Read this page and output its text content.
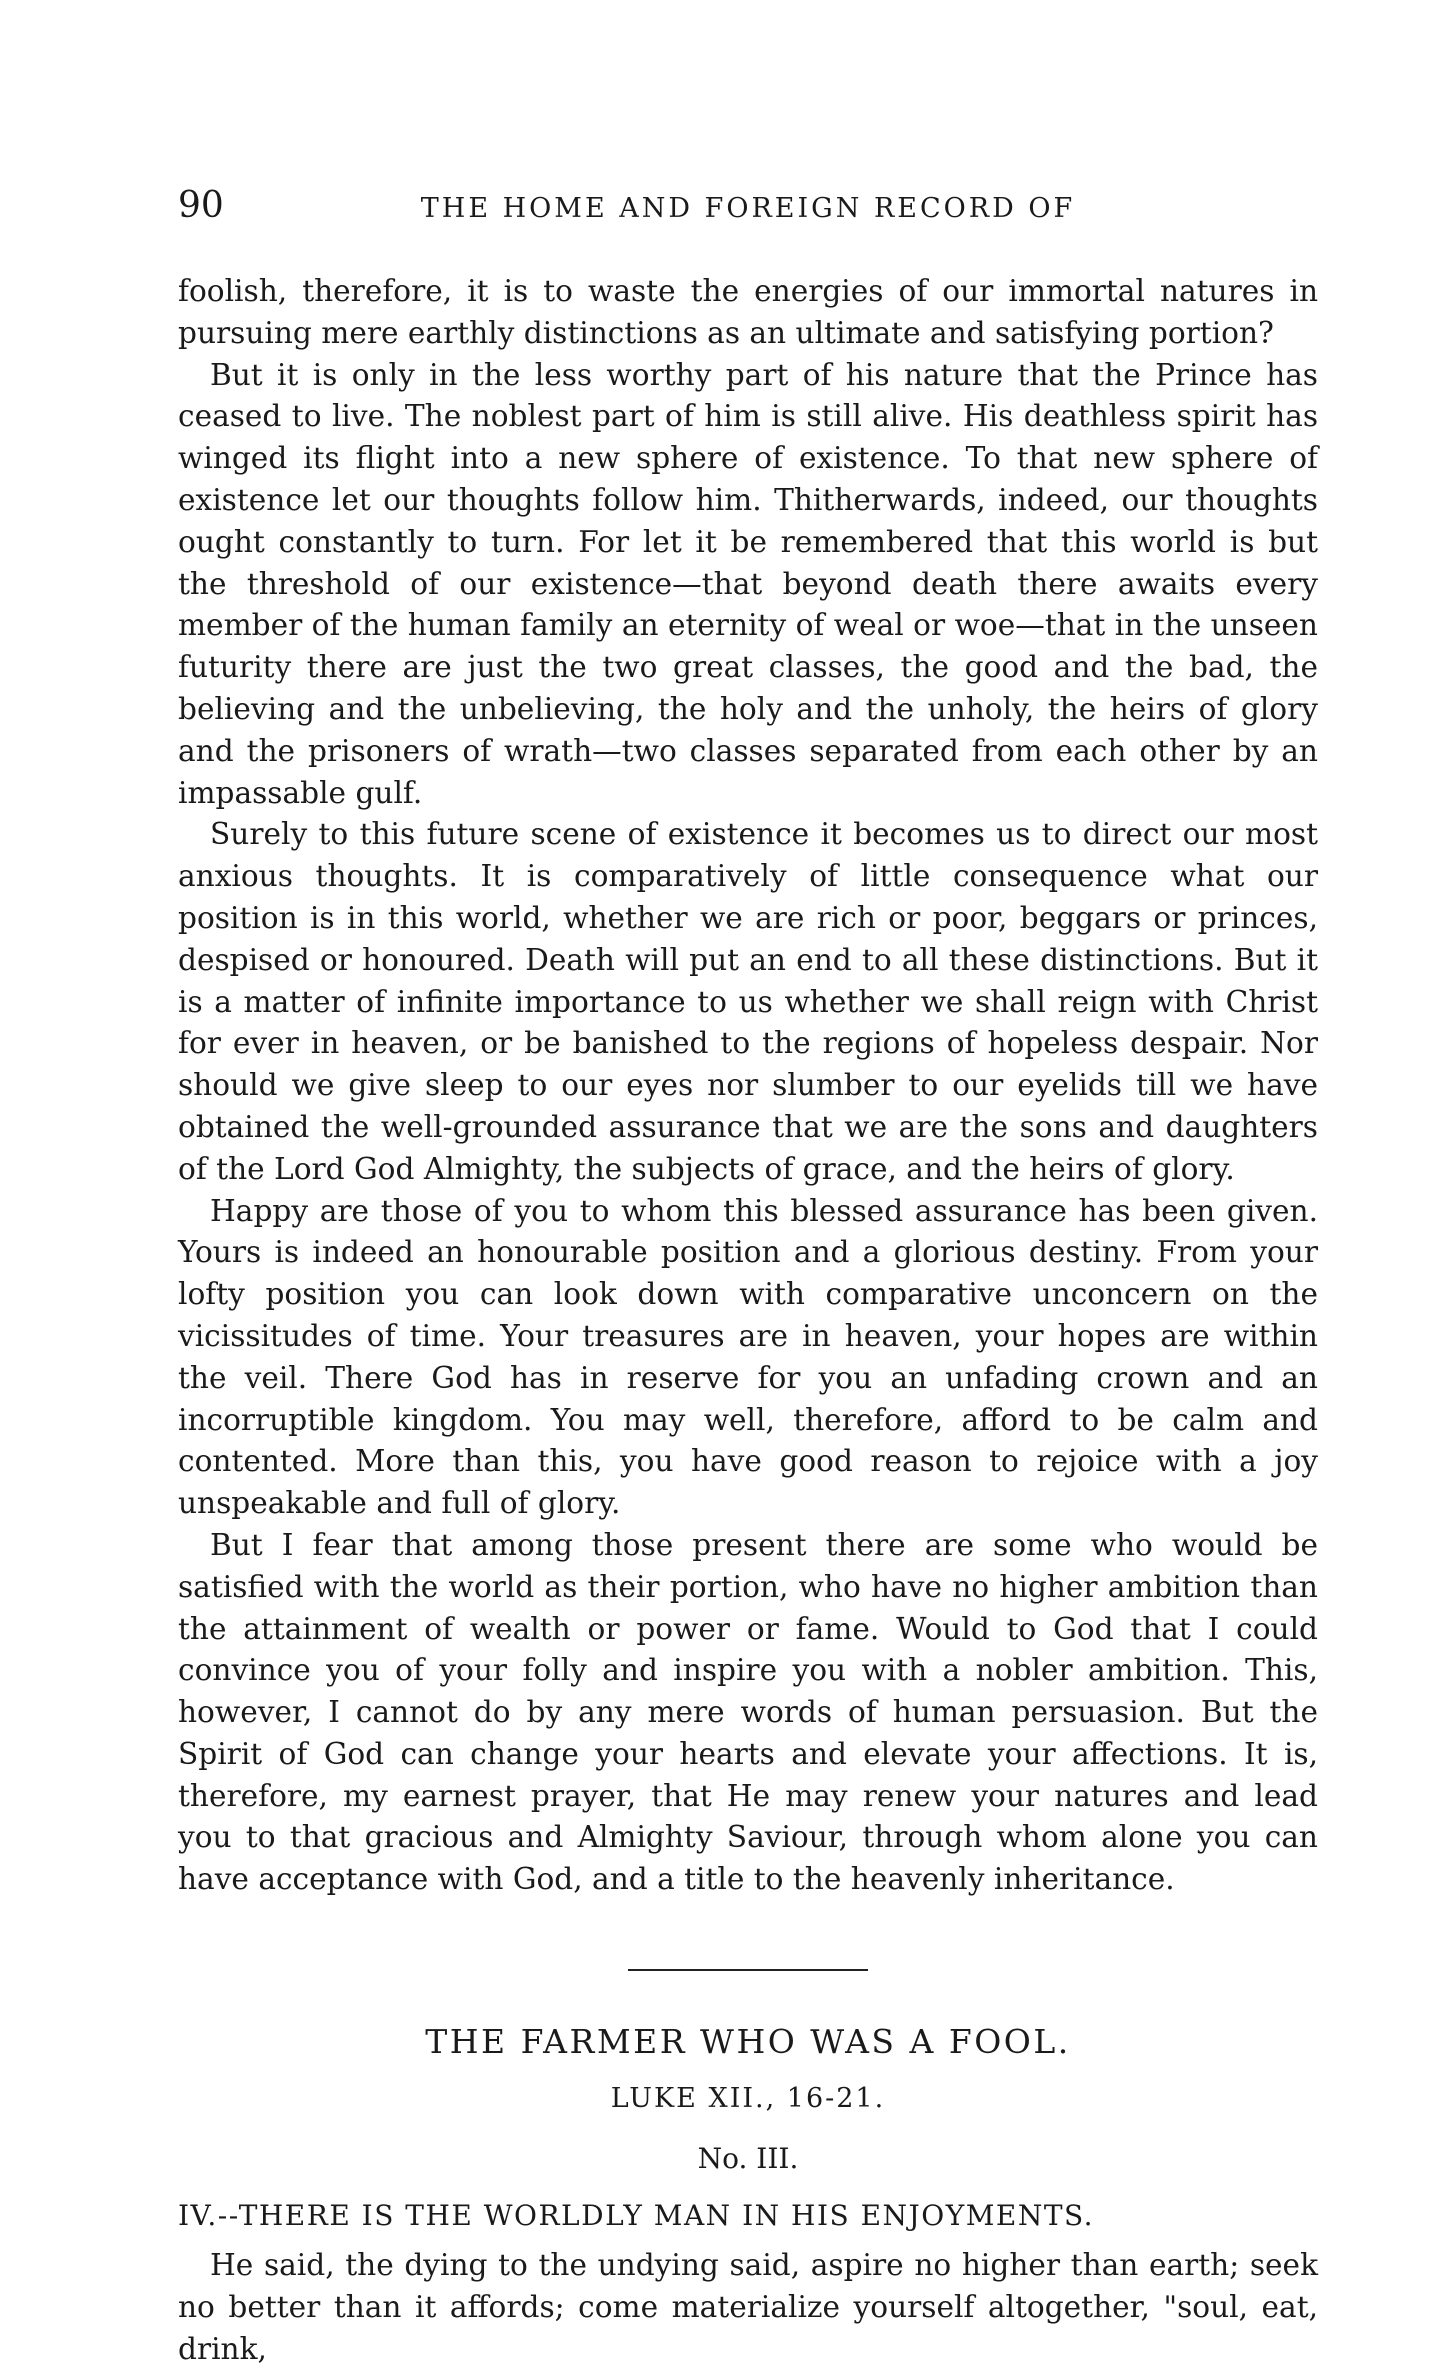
90	THE HOME AND FOREIGN RECORD OF

foolish, therefore, it is to waste the energies of our immortal natures in pursuing mere earthly distinctions as an ultimate and satisfying portion?

But it is only in the less worthy part of his nature that the Prince has ceased to live. The noblest part of him is still alive. His deathless spirit has winged its flight into a new sphere of existence. To that new sphere of existence let our thoughts follow him. Thitherwards, indeed, our thoughts ought constantly to turn. For let it be remembered that this world is but the threshold of our existence—that beyond death there awaits every member of the human family an eternity of weal or woe—that in the unseen futurity there are just the two great classes, the good and the bad, the believing and the unbelieving, the holy and the unholy, the heirs of glory and the prisoners of wrath—two classes separated from each other by an impassable gulf.

Surely to this future scene of existence it becomes us to direct our most anxious thoughts. It is comparatively of little consequence what our position is in this world, whether we are rich or poor, beggars or princes, despised or honoured. Death will put an end to all these distinctions. But it is a matter of infinite importance to us whether we shall reign with Christ for ever in heaven, or be banished to the regions of hopeless despair. Nor should we give sleep to our eyes nor slumber to our eyelids till we have obtained the well-grounded assurance that we are the sons and daughters of the Lord God Almighty, the subjects of grace, and the heirs of glory.

Happy are those of you to whom this blessed assurance has been given. Yours is indeed an honourable position and a glorious destiny. From your lofty position you can look down with comparative unconcern on the vicissitudes of time. Your treasures are in heaven, your hopes are within the veil. There God has in reserve for you an unfading crown and an incorruptible kingdom. You may well, therefore, afford to be calm and contented. More than this, you have good reason to rejoice with a joy unspeakable and full of glory.

But I fear that among those present there are some who would be satisfied with the world as their portion, who have no higher ambition than the attainment of wealth or power or fame. Would to God that I could convince you of your folly and inspire you with a nobler ambition. This, however, I cannot do by any mere words of human persuasion. But the Spirit of God can change your hearts and elevate your affections. It is, therefore, my earnest prayer, that He may renew your natures and lead you to that gracious and Almighty Saviour, through whom alone you can have acceptance with God, and a title to the heavenly inheritance.

THE FARMER WHO WAS A FOOL.
LUKE XII., 16-21.
No. III.
IV.--THERE IS THE WORLDLY MAN IN HIS ENJOYMENTS.

He said, the dying to the undying said, aspire no higher than earth; seek no better than it affords; come materialize yourself altogether, "soul, eat, drink,
